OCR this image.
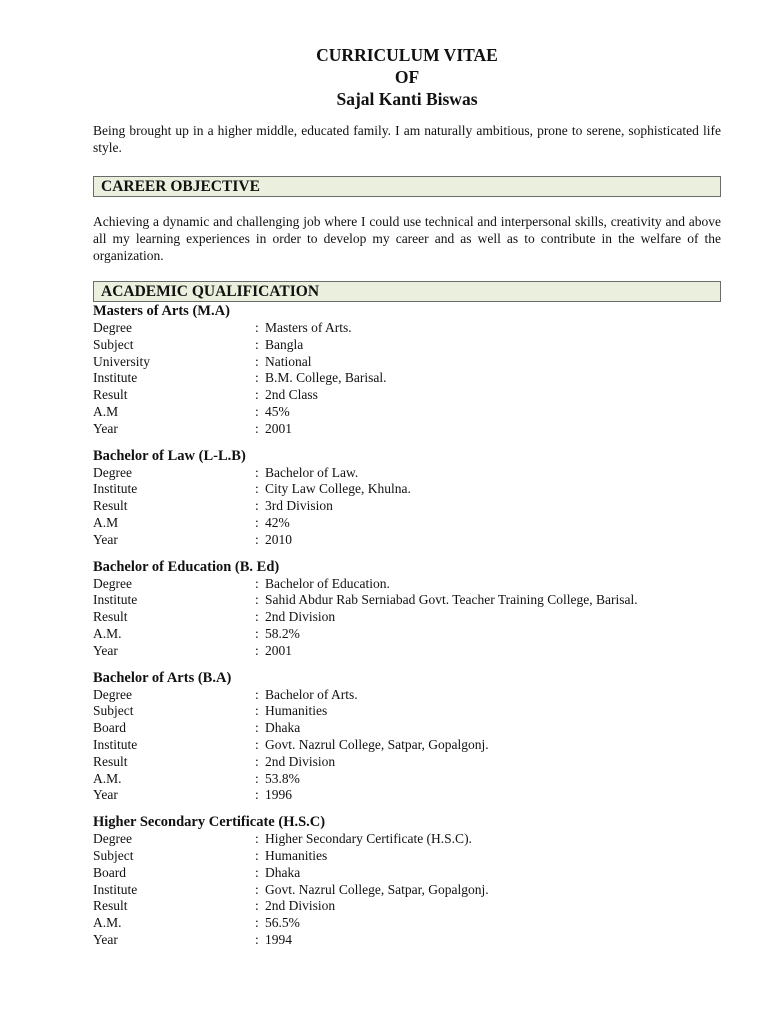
CURRICULUM VITAE
OF
Sajal Kanti Biswas
Being brought up in a higher middle, educated family. I am naturally ambitious, prone to serene, sophisticated life style.
CAREER OBJECTIVE
Achieving a dynamic and challenging job where I could use technical and interpersonal skills, creativity and above all my learning experiences in order to develop my career and as well as to contribute in the welfare of the organization.
ACADEMIC QUALIFICATION
Masters of Arts (M.A)
Degree	: Masters of Arts.
Subject	: Bangla
University	: National
Institute	: B.M. College, Barisal.
Result	: 2nd Class
A.M	: 45%
Year	: 2001
Bachelor of Law (L-L.B)
Degree	: Bachelor of Law.
Institute	: City Law College, Khulna.
Result	: 3rd Division
A.M	: 42%
Year	: 2010
Bachelor of Education (B. Ed)
Degree	: Bachelor of Education.
Institute	: Sahid Abdur Rab Serniabad Govt. Teacher Training College, Barisal.
Result	: 2nd Division
A.M.	: 58.2%
Year	: 2001
Bachelor of Arts (B.A)
Degree	: Bachelor of Arts.
Subject	: Humanities
Board	: Dhaka
Institute	: Govt. Nazrul College, Satpar, Gopalgonj.
Result	: 2nd Division
A.M.	: 53.8%
Year	: 1996
Higher Secondary Certificate (H.S.C)
Degree	: Higher Secondary Certificate (H.S.C).
Subject	: Humanities
Board	: Dhaka
Institute	: Govt. Nazrul College, Satpar, Gopalgonj.
Result	: 2nd Division
A.M.	: 56.5%
Year	: 1994
